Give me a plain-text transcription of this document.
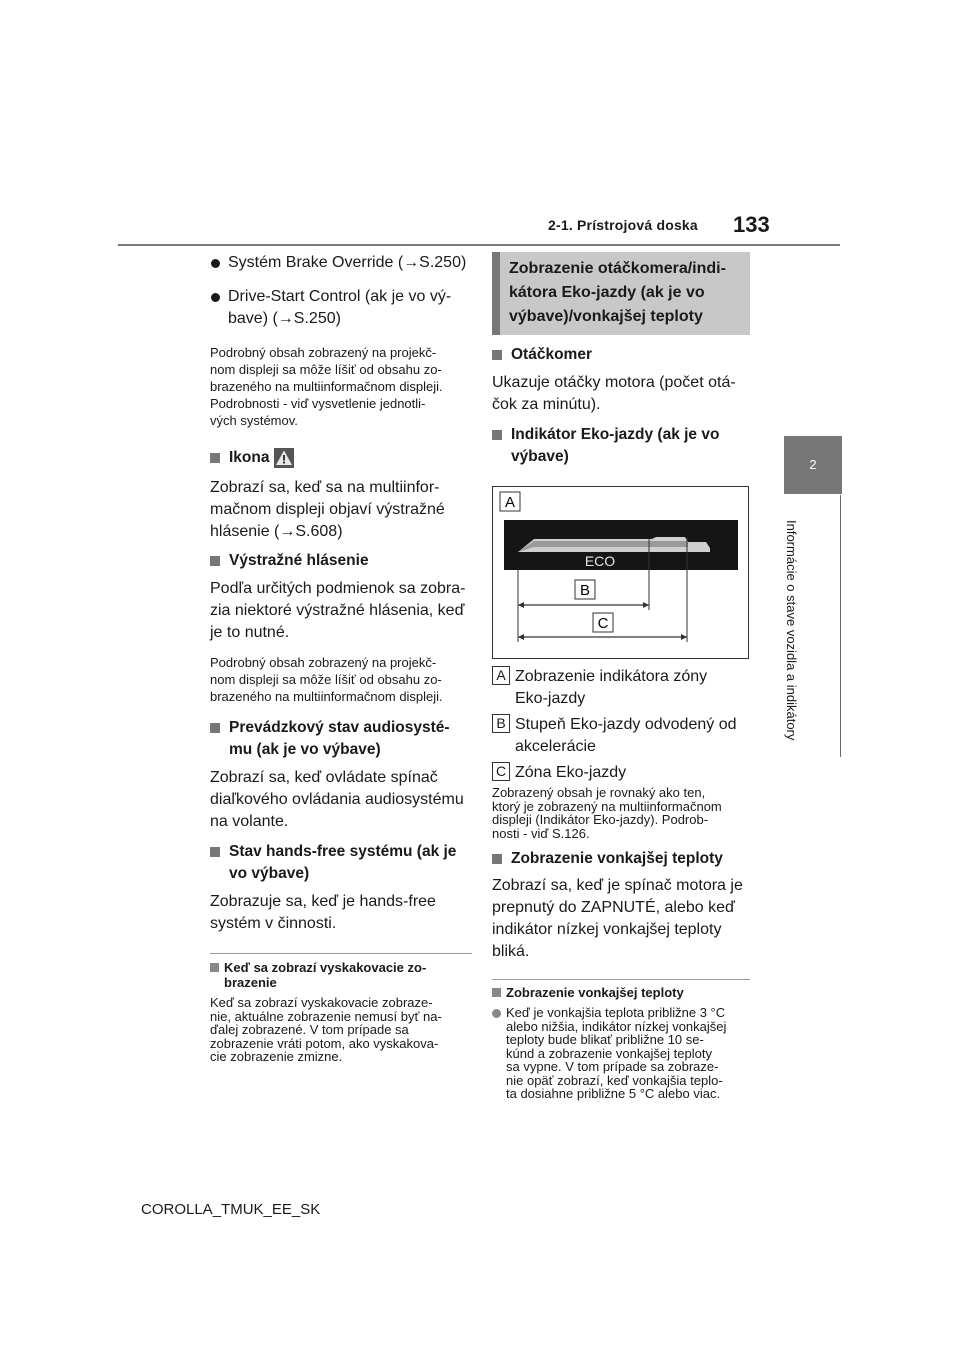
2-1. Prístrojová doska 133
2
Informácie o stave vozidla a indikátory

Systém Brake Override (→S.250)

Drive-Start Control (ak je vo vý-
bave) (→S.250)

Podrobný obsah zobrazený na projekč-

nom displeji sa môže líšiť od obsahu zo-

brazeného na multiinformačnom displeji.

Podrobnosti - viď vysvetlenie jednotli-

vých systémov.

Ikona

Zobrazí sa, keď sa na multiinfor-

mačnom displeji objaví výstražné

hlásenie (→S.608)

Výstražné hlásenie

Podľa určitých podmienok sa zobra-

zia niektoré výstražné hlásenia, keď

je to nutné.

Podrobný obsah zobrazený na projekč-

nom displeji sa môže líšiť od obsahu zo-

brazeného na multiinformačnom displeji.

Prevádzkový stav audiosysté-
mu (ak je vo výbave)

Zobrazí sa, keď ovládate spínač

diaľkového ovládania audiosystému

na volante.

Stav hands-free systému (ak je
vo výbave)

Zobrazuje sa, keď je hands-free

systém v činnosti.

Keď sa zobrazí vyskakovacie zo-
brazenie

Keď sa zobrazí vyskakovacie zobraze-

nie, aktuálne zobrazenie nemusí byť na-

ďalej zobrazené. V tom prípade sa

zobrazenie vráti potom, ako vyskakova-

cie zobrazenie zmizne.

Zobrazenie otáčkomera/indi-
kátora Eko-jazdy (ak je vo
výbave)/vonkajšej teploty

Otáčkomer

Ukazuje otáčky motora (počet otá-

čok za minútu).

Indikátor Eko-jazdy (ak je vo
výbave)

A
ECO
B
C
A Zobrazenie indikátora zóny
Eko-jazdy
B Stupeň Eko-jazdy odvodený od
akcelerácie
C Zóna Eko-jazdy

Zobrazený obsah je rovnaký ako ten,

ktorý je zobrazený na multiinformačnom

displeji (Indikátor Eko-jazdy). Podrob-

nosti - viď S.126.

Zobrazenie vonkajšej teploty

Zobrazí sa, keď je spínač motora je

prepnutý do ZAPNUTÉ, alebo keď

indikátor nízkej vonkajšej teploty

bliká.

Zobrazenie vonkajšej teploty

Keď je vonkajšia teplota približne 3 °C

alebo nižšia, indikátor nízkej vonkajšej

teploty bude blikať približne 10 se-

kúnd a zobrazenie vonkajšej teploty

sa vypne. V tom prípade sa zobraze-

nie opäť zobrazí, keď vonkajšia teplo-

ta dosiahne približne 5 °C alebo viac.

COROLLA_TMUK_EE_SK
